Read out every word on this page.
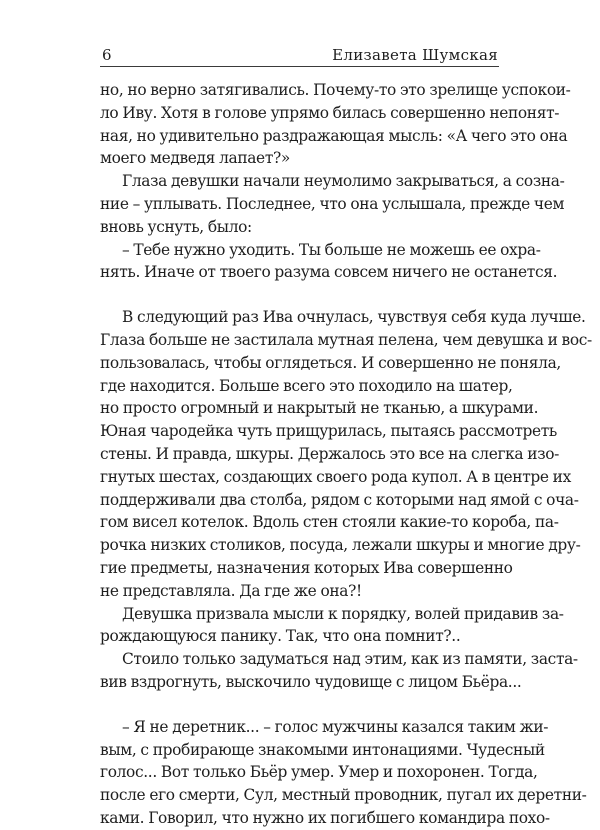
6	Елизавета Шумская
но, но верно затягивались. Почему-то это зрелище успокои-
ло Иву. Хотя в голове упрямо билась совершенно непонят-
ная, но удивительно раздражающая мысль: «А чего это она
моего медведя лапает?»
Глаза девушки начали неумолимо закрываться, а сознa-
ние – уплывать. Последнее, что она услышала, прежде чем
вновь уснуть, было:
– Тебе нужно уходить. Ты больше не можешь ее охра-
нять. Иначе от твоего разума совсем ничего не останется.
В следующий раз Ива очнулась, чувствуя себя куда лучше.
Глаза больше не застилала мутная пелена, чем девушка и вос-
пользовалась, чтобы оглядеться. И совершенно не поняла,
где находится. Больше всего это походило на шатер,
но просто огромный и накрытый не тканью, а шкурами.
Юная чародейка чуть прищурилась, пытаясь рассмотреть
стены. И правда, шкуры. Держалось это все на слегка изо-
гнутых шестах, создающих своего рода купол. А в центре их
поддерживали два столба, рядом с которыми над ямой с оча-
гом висел котелок. Вдоль стен стояли какие-то короба, па-
рочка низких столиков, посуда, лежали шкуры и многие дру-
гие предметы, назначения которых Ива совершенно
не представляла. Да где же она?!
Девушка призвала мысли к порядку, волей придавив за-
рождающуюся панику. Так, что она помнит?..
Стоило только задуматься над этим, как из памяти, застa-
вив вздрогнуть, выскочило чудовище с лицом Бьёра...
– Я не деретник... – голос мужчины казался таким жи-
вым, с пробирающе знакомыми интонациями. Чудесный
голос... Вот только Бьёр умер. Умер и похоронен. Тогда,
после его смерти, Сул, местный проводник, пугал их деретни-
ками. Говорил, что нужно их погибшего командира похо-
